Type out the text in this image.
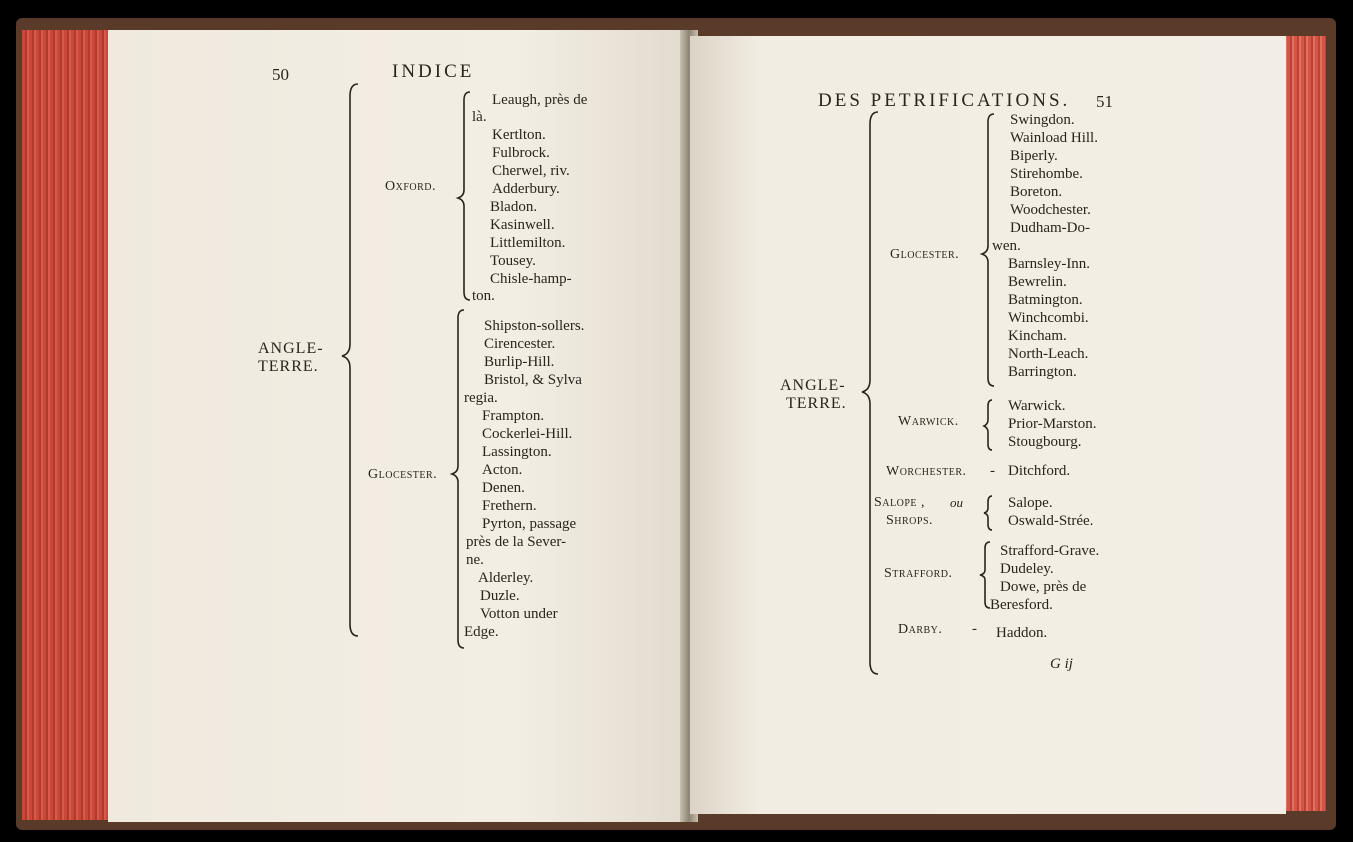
50	INDICE
ANGLE-
TERRE.
Oxford.
Leaugh, près de
là.
Kertlton.
Fulbrock.
Cherwel, riv.
Adderbury.
Bladon.
Kasinwell.
Littlemilton.
Tousey.
Chisle-hamp-
ton.
Glocester.
Shipston-sollers.
Cirencester.
Burlip-Hill.
Bristol, & Sylva
regia.
Frampton.
Cockerlei-Hill.
Lassington.
Acton.
Denen.
Frethern.
Pyrton, passage
près de la Sever-
ne.
Alderley.
Duzle.
Votton under
Edge.
DES PETRIFICATIONS. 51
ANGLE-
TERRE.
Glocester.
Swingdon.
Wainload Hill.
Biperly.
Stirehombe.
Boreton.
Woodchester.
Dudham-Do-
wen.
Barnsley-Inn.
Bewrelin.
Batmington.
Winchcombi.
Kincham.
North-Leach.
Barrington.
Warwick.
Warwick.
Prior-Marston.
Stougbourg.
Worchester. - Ditchford.
Salope , ou
Shrops.
Salope.
Oswald-Strée.
Strafford.
Strafford-Grave.
Dudeley.
Dowe, près de
Beresford.
Darby. - Haddon.
G ij
